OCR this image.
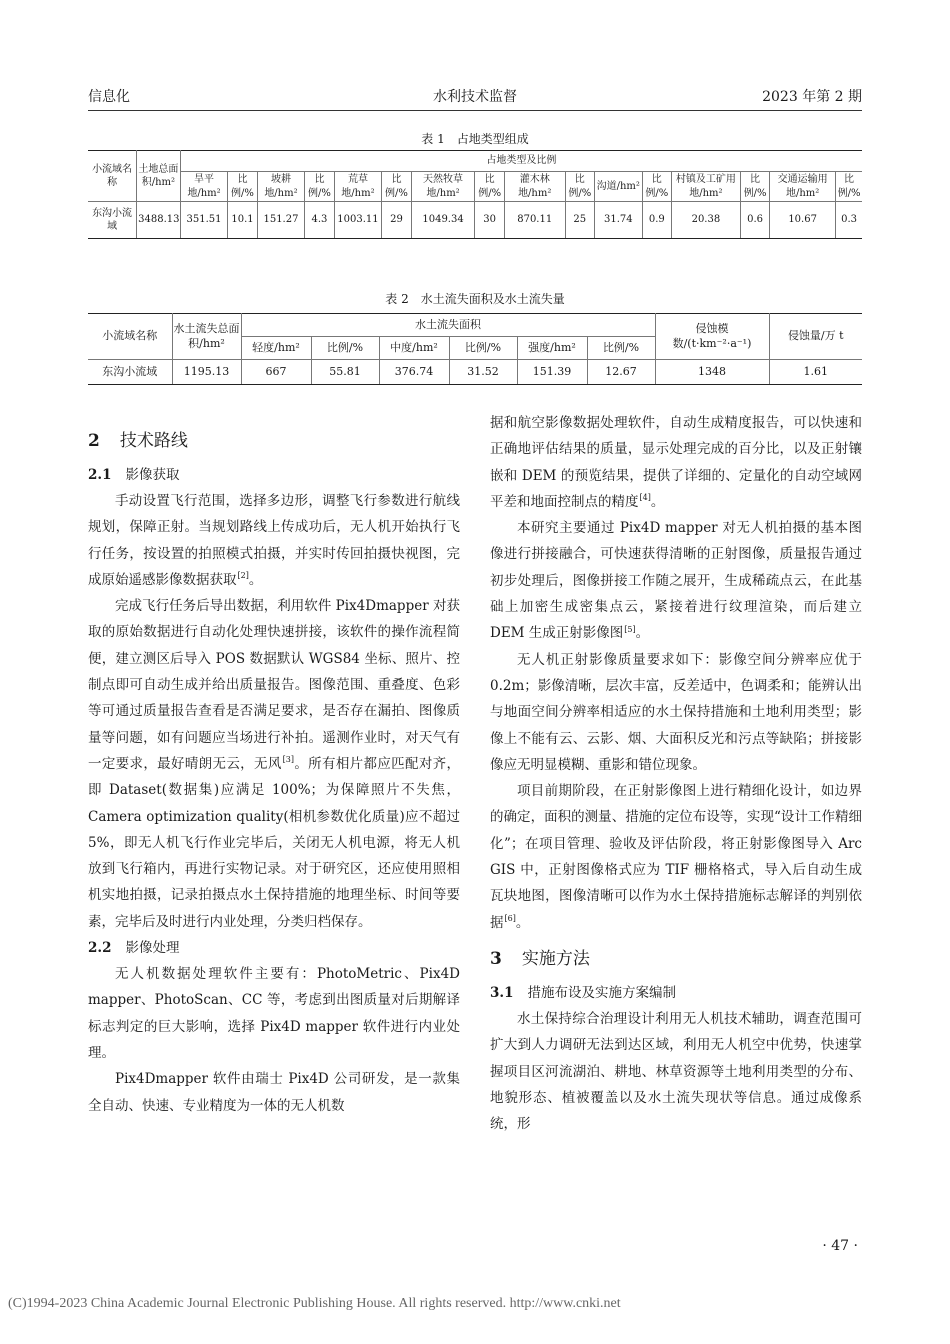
信息化	水利技术监督	2023 年第 2 期
表 1　占地类型组成
小流域名称	土地总面积/hm²	占地类型及比例															
		旱平地/hm²	比例/%	坡耕地/hm²	比例/%	荒草地/hm²	比例/%	天然牧草地/hm²	比例/%	灌木林地/hm²	比例/%	沟道/hm²	比例/%	村镇及工矿用地/hm²	比例/%	交通运输用地/hm²	比例/%
东沟小流域	3488.13	351.51	10.1	151.27	4.3	1003.11	29	1049.34	30	870.11	25	31.74	0.9	20.38	0.6	10.67	0.3
表 2　水土流失面积及水土流失量
小流域名称	水土流失总面积/hm²	水土流失面积						侵蚀模数/(t·km⁻²·a⁻¹)	侵蚀量/万 t
		轻度/hm²	比例/%	中度/hm²	比例/%	强度/hm²	比例/%		
东沟小流域	1195.13	667	55.81	376.74	31.52	151.39	12.67	1348	1.61
2 技术路线
2.1 影像获取

手动设置飞行范围，选择多边形，调整飞行参数进行航线规划，保障正射。当规划路线上传成功后，无人机开始执行飞行任务，按设置的拍照模式拍摄，并实时传回拍摄快视图，完成原始遥感影像数据获取[2]。

完成飞行任务后导出数据，利用软件 Pix4Dmapper 对获取的原始数据进行自动化处理快速拼接，该软件的操作流程简便，建立测区后导入 POS 数据默认 WGS84 坐标、照片、控制点即可自动生成并给出质量报告。图像范围、重叠度、色彩等可通过质量报告查看是否满足要求，是否存在漏拍、图像质量等问题，如有问题应当场进行补拍。遥测作业时，对天气有一定要求，最好晴朗无云，无风[3]。所有相片都应匹配对齐，即 Dataset(数据集)应满足 100%；为保障照片不失焦，Camera optimization quality(相机参数优化质量)应不超过 5%，即无人机飞行作业完毕后，关闭无人机电源，将无人机放到飞行箱内，再进行实物记录。对于研究区，还应使用照相机实地拍摄，记录拍摄点水土保持措施的地理坐标、时间等要素，完毕后及时进行内业处理，分类归档保存。

2.2 影像处理

无人机数据处理软件主要有：PhotoMetric、Pix4D mapper、PhotoScan、CC 等，考虑到出图质量对后期解译标志判定的巨大影响，选择 Pix4D mapper 软件进行内业处理。

Pix4Dmapper 软件由瑞士 Pix4D 公司研发，是一款集全自动、快速、专业精度为一体的无人机数

据和航空影像数据处理软件，自动生成精度报告，可以快速和正确地评估结果的质量，显示处理完成的百分比，以及正射镶嵌和 DEM 的预览结果，提供了详细的、定量化的自动空域网平差和地面控制点的精度[4]。

本研究主要通过 Pix4D mapper 对无人机拍摄的基本图像进行拼接融合，可快速获得清晰的正射图像，质量报告通过初步处理后，图像拼接工作随之展开，生成稀疏点云，在此基础上加密生成密集点云，紧接着进行纹理渲染，而后建立 DEM 生成正射影像图[5]。

无人机正射影像质量要求如下：影像空间分辨率应优于 0.2m；影像清晰，层次丰富，反差适中，色调柔和；能辨认出与地面空间分辨率相适应的水土保持措施和土地利用类型；影像上不能有云、云影、烟、大面积反光和污点等缺陷；拼接影像应无明显模糊、重影和错位现象。

项目前期阶段，在正射影像图上进行精细化设计，如边界的确定，面积的测量、措施的定位布设等，实现“设计工作精细化”；在项目管理、验收及评估阶段，将正射影像图导入 Arc GIS 中，正射图像格式应为 TIF 栅格格式，导入后自动生成瓦块地图，图像清晰可以作为水土保持措施标志解译的判别依据[6]。

3 实施方法
3.1 措施布设及实施方案编制

水土保持综合治理设计利用无人机技术辅助，调查范围可扩大到人力调研无法到达区域，利用无人机空中优势，快速掌握项目区河流湖泊、耕地、林草资源等土地利用类型的分布、地貌形态、植被覆盖以及水土流失现状等信息。通过成像系统，形

· 47 ·
(C)1994-2023 China Academic Journal Electronic Publishing House. All rights reserved. http://www.cnki.net
